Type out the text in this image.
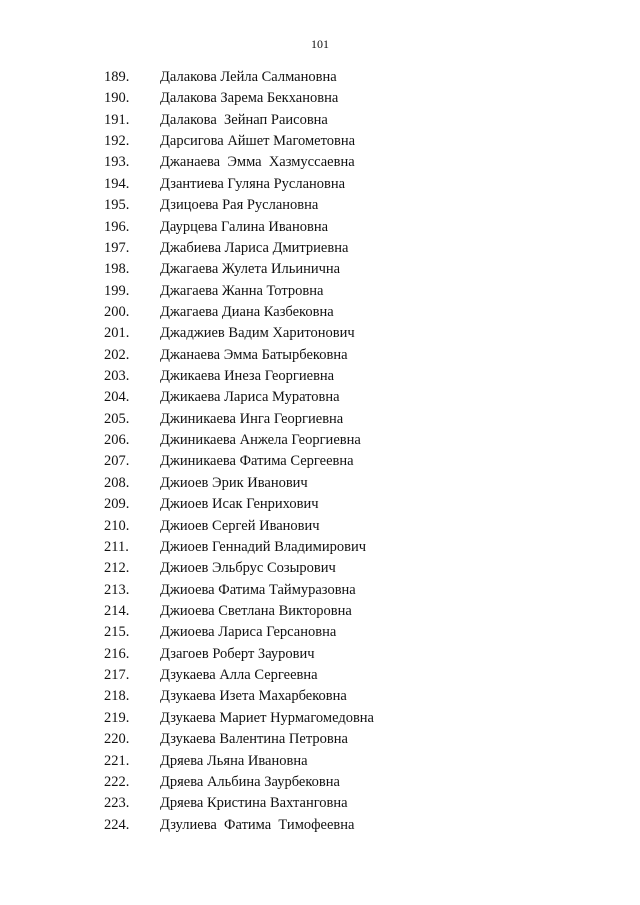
101
189. Далакова Лейла Салмановна
190. Далакова Зарема Бекхановна
191. Далакова  Зейнап Раисовна
192. Дарсигова Айшет Магометовна
193. Джанаева  Эмма  Хазмуссаевна
194. Дзантиева Гуляна Руслановна
195. Дзицоева Рая Руслановна
196. Даурцева Галина Ивановна
197. Джабиева Лариса Дмитриевна
198. Джагаева Жулета Ильинична
199. Джагаева Жанна Тотровна
200. Джагаева Диана Казбековна
201. Джаджиев Вадим Харитонович
202. Джанаева Эмма Батырбековна
203. Джикаева Инеза Георгиевна
204. Джикаева Лариса Муратовна
205. Джиникаева Инга Георгиевна
206. Джиникаева Анжела Георгиевна
207. Джиникаева Фатима Сергеевна
208. Джиоев Эрик Иванович
209. Джиоев Исак Генрихович
210. Джиоев Сергей Иванович
211. Джиоев Геннадий Владимирович
212. Джиоев Эльбрус Созырович
213. Джиоева Фатима Таймуразовна
214. Джиоева Светлана Викторовна
215. Джиоева Лариса Герсановна
216. Дзагоев Роберт Заурович
217. Дзукаева Алла Сергеевна
218. Дзукаева Изета Махарбековна
219. Дзукаева Мариет Нурмагомедовна
220. Дзукаева Валентина Петровна
221. Дряева Льяна Ивановна
222. Дряева Альбина Заурбековна
223. Дряева Кристина Вахтанговна
224. Дзулиева  Фатима  Тимофеевна
